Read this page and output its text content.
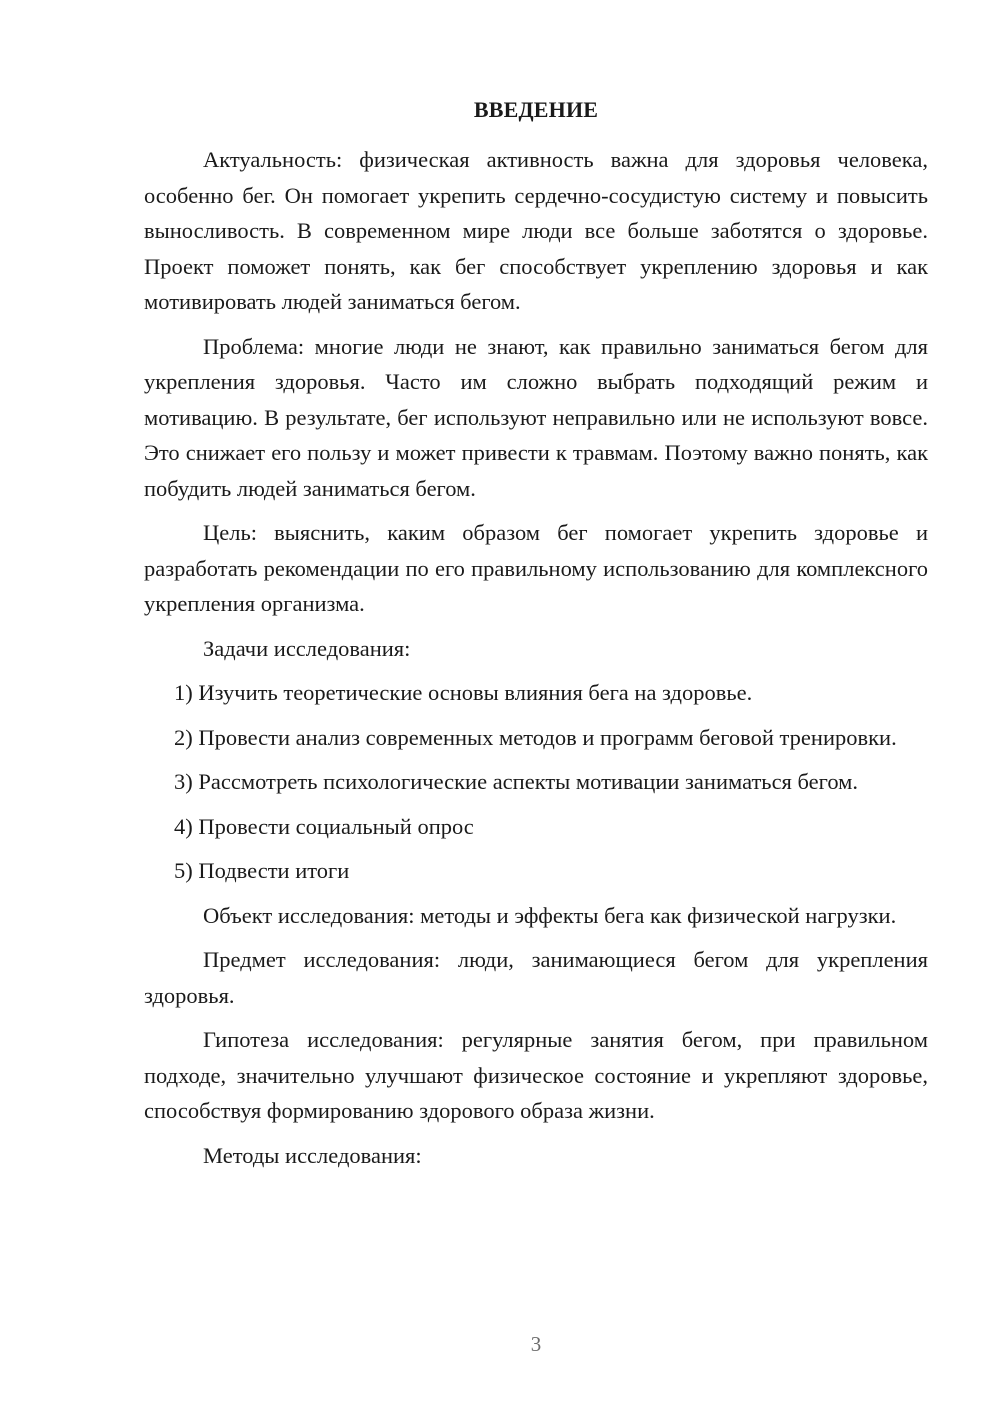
ВВЕДЕНИЕ

Актуальность: физическая активность важна для здоровья человека, особенно бег. Он помогает укрепить сердечно-сосудистую систему и повысить выносливость. В современном мире люди все больше заботятся о здоровье. Проект поможет понять, как бег способствует укреплению здоровья и как мотивировать людей заниматься бегом.

Проблема: многие люди не знают, как правильно заниматься бегом для укрепления здоровья. Часто им сложно выбрать подходящий режим и мотивацию. В результате, бег используют неправильно или не используют вовсе. Это снижает его пользу и может привести к травмам. Поэтому важно понять, как побудить людей заниматься бегом.

Цель: выяснить, каким образом бег помогает укрепить здоровье и разработать рекомендации по его правильному использованию для комплексного укрепления организма.

Задачи исследования:

1) Изучить теоретические основы влияния бега на здоровье.

2) Провести анализ современных методов и программ беговой тренировки.

3) Рассмотреть психологические аспекты мотивации заниматься бегом.

4) Провести социальный опрос

5) Подвести итоги

Объект исследования: методы и эффекты бега как физической нагрузки.

Предмет исследования: люди, занимающиеся бегом для укрепления здоровья.

Гипотеза исследования: регулярные занятия бегом, при правильном подходе, значительно улучшают физическое состояние и укрепляют здоровье, способствуя формированию здорового образа жизни.

Методы исследования:

3
